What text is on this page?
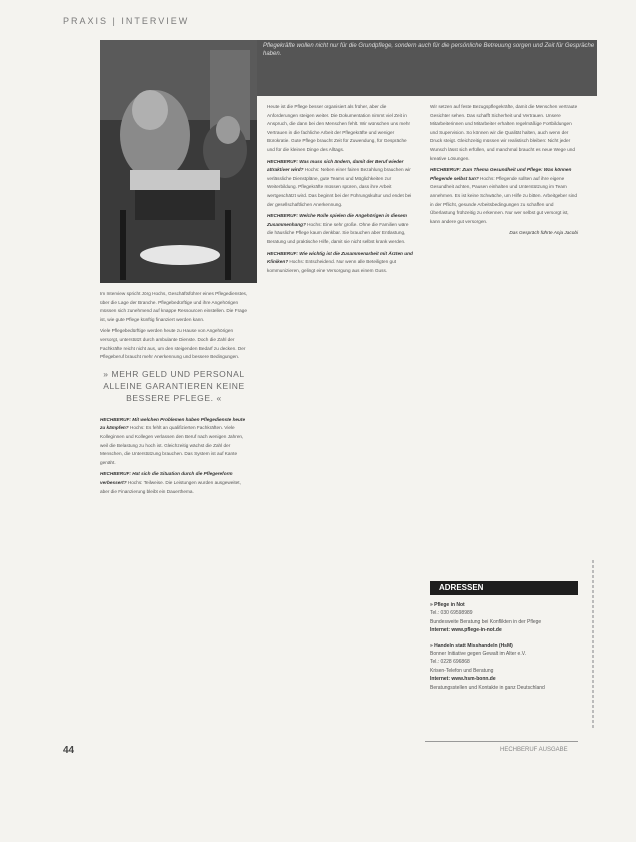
PRAXIS | INTERVIEW
Pflegekräfte wollen nicht nur für die Grundpflege, sondern auch für die persönliche Betreuung sorgen und Zeit für Gespräche haben.

Im Interview spricht Jörg Hochs, Geschäftsführer eines Pflegedienstes, über die Lage der Branche. Pflegebedürftige und ihre Angehörigen müssen sich zunehmend auf knappe Ressourcen einstellen. Die Frage ist, wie gute Pflege künftig finanziert werden kann.

Viele Pflegebedürftige werden heute zu Hause von Angehörigen versorgt, unterstützt durch ambulante Dienste. Doch die Zahl der Fachkräfte reicht nicht aus, um den steigenden Bedarf zu decken. Der Pflegeberuf braucht mehr Anerkennung und bessere Bedingungen.

» MEHR GELD UND PERSONAL ALLEINE GARANTIEREN KEINE BESSERE PFLEGE. «

HECHBERUF: Mit welchen Problemen haben Pflegedienste heute zu kämpfen? Hochs: Es fehlt an qualifizierten Fachkräften. Viele Kolleginnen und Kollegen verlassen den Beruf nach wenigen Jahren, weil die Belastung zu hoch ist. Gleichzeitig wächst die Zahl der Menschen, die Unterstützung brauchen. Das System ist auf Kante genäht.

HECHBERUF: Hat sich die Situation durch die Pflegereform verbessert? Hochs: Teilweise. Die Leistungen wurden ausgeweitet, aber die Finanzierung bleibt ein Dauerthema.

Heute ist die Pflege besser organisiert als früher, aber die Anforderungen steigen weiter. Die Dokumentation nimmt viel Zeit in Anspruch, die dann bei den Menschen fehlt. Wir wünschen uns mehr Vertrauen in die fachliche Arbeit der Pflegekräfte und weniger Bürokratie. Gute Pflege braucht Zeit für Zuwendung, für Gespräche und für die kleinen Dinge des Alltags.

HECHBERUF: Was muss sich ändern, damit der Beruf wieder attraktiver wird? Hochs: Neben einer fairen Bezahlung brauchen wir verlässliche Dienstpläne, gute Teams und Möglichkeiten zur Weiterbildung. Pflegekräfte müssen spüren, dass ihre Arbeit wertgeschätzt wird. Das beginnt bei der Führungskultur und endet bei der gesellschaftlichen Anerkennung.

HECHBERUF: Welche Rolle spielen die Angehörigen in diesem Zusammenhang? Hochs: Eine sehr große. Ohne die Familien wäre die häusliche Pflege kaum denkbar. Sie brauchen aber Entlastung, Beratung und praktische Hilfe, damit sie nicht selbst krank werden.

HECHBERUF: Wie wichtig ist die Zusammenarbeit mit Ärzten und Kliniken? Hochs: Entscheidend. Nur wenn alle Beteiligten gut kommunizieren, gelingt eine Versorgung aus einem Guss.

Wir setzen auf feste Bezugspflegekräfte, damit die Menschen vertraute Gesichter sehen. Das schafft Sicherheit und Vertrauen. Unsere Mitarbeiterinnen und Mitarbeiter erhalten regelmäßige Fortbildungen und Supervision. So können wir die Qualität halten, auch wenn der Druck steigt. Gleichzeitig müssen wir realistisch bleiben: Nicht jeder Wunsch lässt sich erfüllen, und manchmal braucht es neue Wege und kreative Lösungen.

HECHBERUF: Zum Thema Gesundheit und Pflege: Was können Pflegende selbst tun? Hochs: Pflegende sollten auf ihre eigene Gesundheit achten, Pausen einhalten und Unterstützung im Team annehmen. Es ist keine Schwäche, um Hilfe zu bitten. Arbeitgeber sind in der Pflicht, gesunde Arbeitsbedingungen zu schaffen und Überlastung frühzeitig zu erkennen. Nur wer selbst gut versorgt ist, kann andere gut versorgen.

Das Gespräch führte Anja Jacobi

ADRESSEN

» Pflege in Not
Tel.: 030 69598989
Bundesweite Beratung bei Konflikten in der Pflege
Internet: www.pflege-in-not.de

» Handeln statt Misshandeln (HsM)
Bonner Initiative gegen Gewalt im Alter e.V.
Tel.: 0228 696868
Krisen-Telefon und Beratung
Internet: www.hsm-bonn.de
Beratungsstellen und Kontakte in ganz Deutschland

44	HECHBERUF AUSGABE
